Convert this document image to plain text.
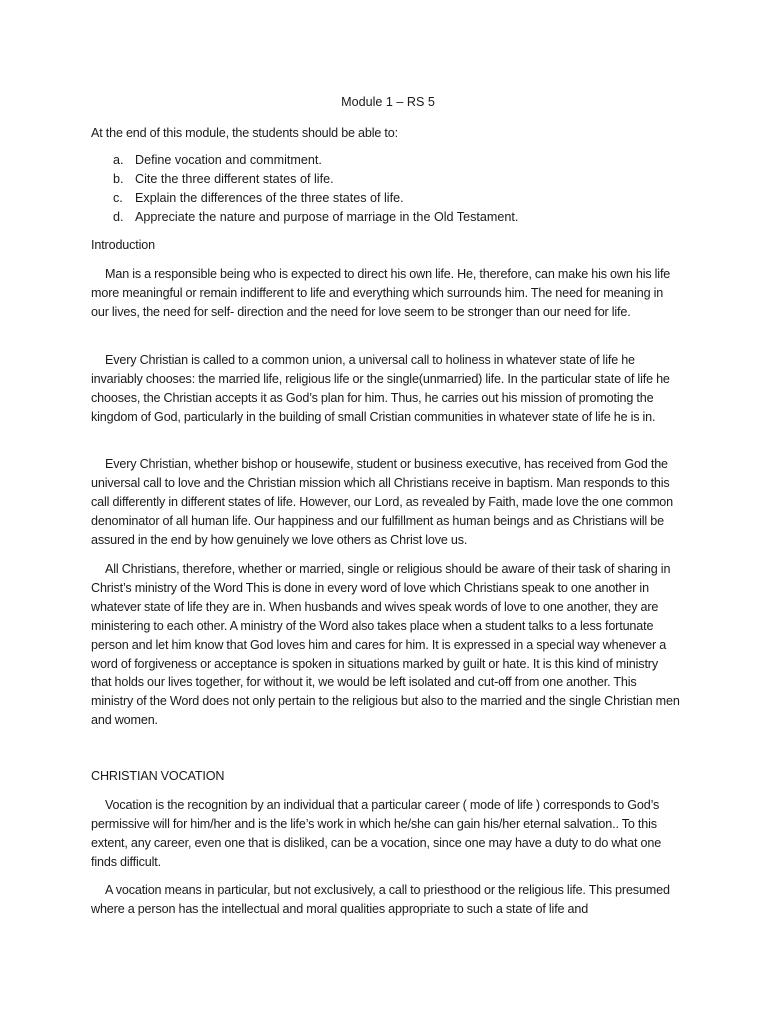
Module 1 – RS 5
At the end of this module, the students should be able to:
a. Define vocation and commitment.
b. Cite the three different states of life.
c. Explain the differences of the three states of life.
d. Appreciate the nature and purpose of marriage in the Old Testament.
Introduction

Man is a responsible being who is expected to direct his own life. He, therefore, can make his own his life more meaningful or remain indifferent to life and everything which surrounds him. The need for meaning in our lives, the need for self- direction and the need for love seem to be stronger than our need for life.

Every Christian is called to a common union, a universal call to holiness in whatever state of life he invariably chooses: the married life, religious life or the single(unmarried) life. In the particular state of life he chooses, the Christian accepts it as God’s plan for him. Thus, he carries out his mission of promoting the kingdom of God, particularly in the building of small Cristian communities in whatever state of life he is in.

Every Christian, whether bishop or housewife, student or business executive, has received from God the universal call to love and the Christian mission which all Christians receive in baptism. Man responds to this call differently in different states of life. However, our Lord, as revealed by Faith, made love the one common denominator of all human life. Our happiness and our fulfillment as human beings and as Christians will be assured in the end by how genuinely we love others as Christ love us.

All Christians, therefore, whether or married, single or religious should be aware of their task of sharing in Christ’s ministry of the Word This is done in every word of love which Christians speak to one another in whatever state of life they are in. When husbands and wives speak words of love to one another, they are ministering to each other. A ministry of the Word also takes place when a student talks to a less fortunate person and let him know that God loves him and cares for him. It is expressed in a special way whenever a word of forgiveness or acceptance is spoken in situations marked by guilt or hate. It is this kind of ministry that holds our lives together, for without it, we would be left isolated and cut-off from one another. This ministry of the Word does not only pertain to the religious but also to the married and the single Christian men and women.

CHRISTIAN VOCATION

Vocation is the recognition by an individual that a particular career ( mode of life ) corresponds to God’s permissive will for him/her and is the life’s work in which he/she can gain his/her eternal salvation.. To this extent, any career, even one that is disliked, can be a vocation, since one may have a duty to do what one finds difficult.

A vocation means in particular, but not exclusively, a call to priesthood or the religious life. This presumed where a person has the intellectual and moral qualities appropriate to such a state of life and
